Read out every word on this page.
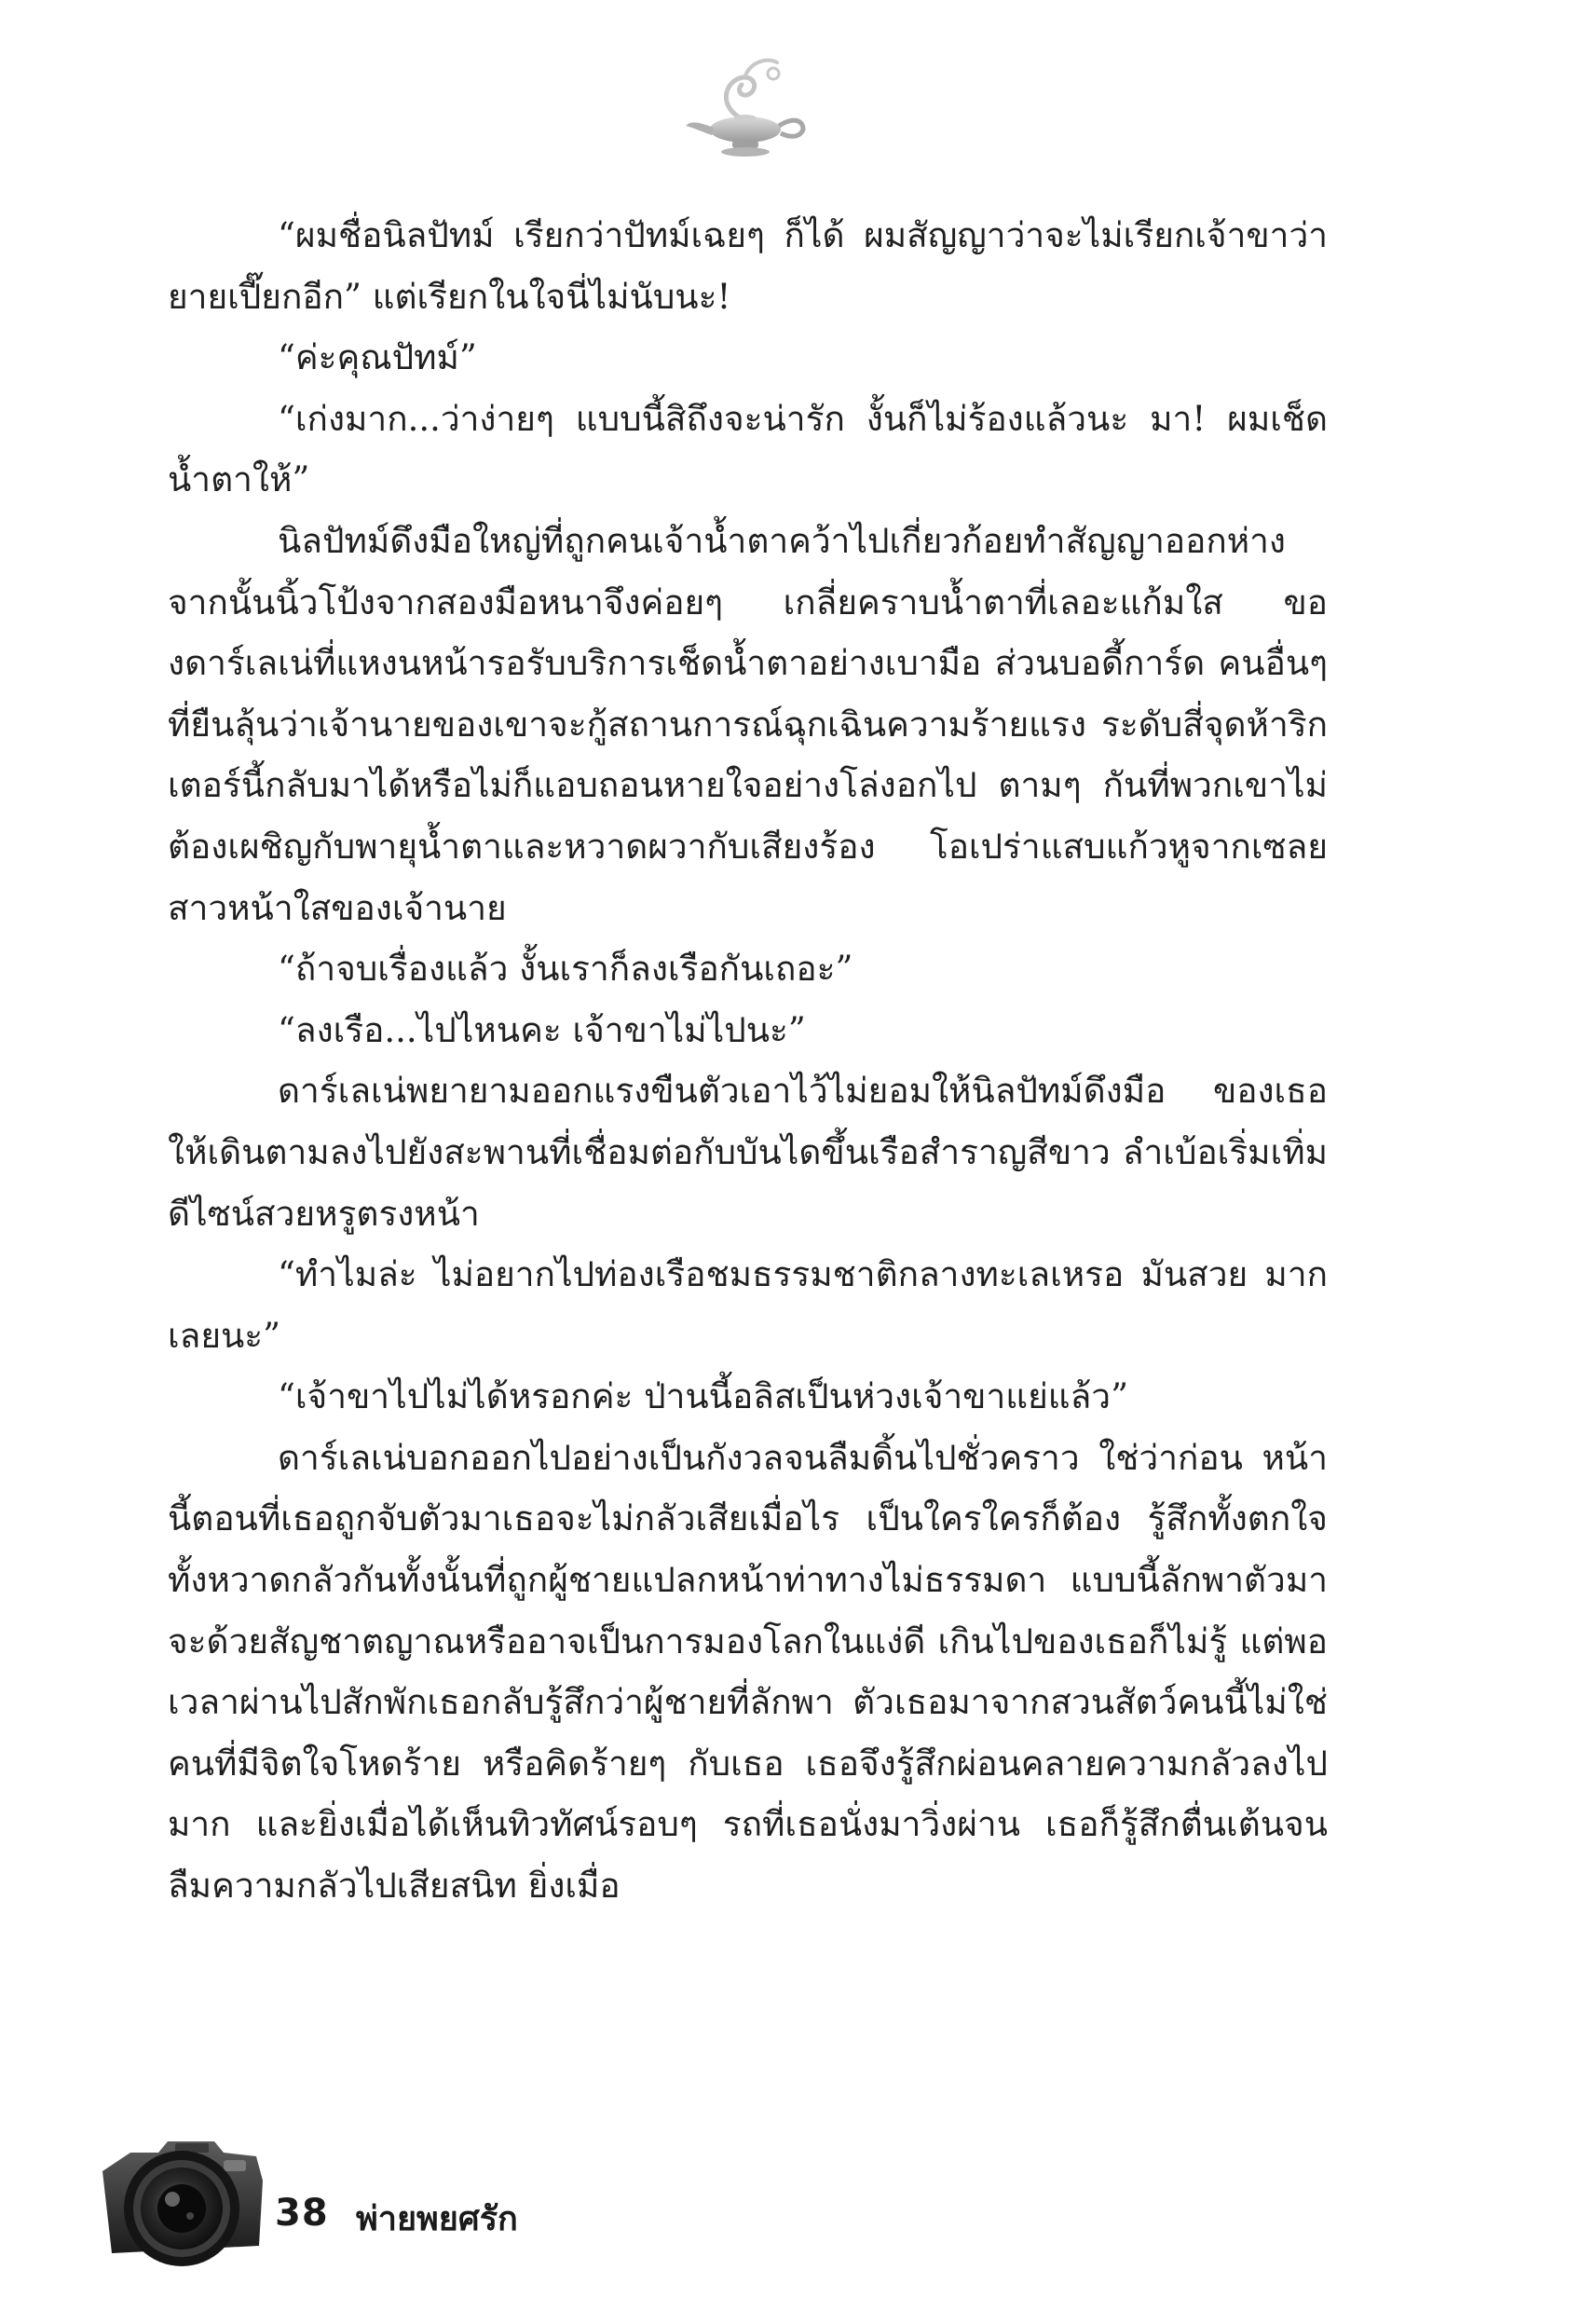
“ผมชื่อนิลปัทม์ เรียกว่าปัทม์เฉยๆ ก็ได้ ผมสัญญาว่าจะไม่เรียกเจ้าขาว่ายายเปี๊ยกอีก” แต่เรียกในใจนี่ไม่นับนะ!

“ค่ะคุณปัทม์”

“เก่งมาก...ว่าง่ายๆ แบบนี้สิถึงจะน่ารัก งั้นก็ไม่ร้องแล้วนะ มา! ผมเช็ดน้ำตาให้”

นิลปัทม์ดึงมือใหญ่ที่ถูกคนเจ้าน้ำตาคว้าไปเกี่ยวก้อยทำสัญญาออกห่าง จากนั้นนิ้วโป้งจากสองมือหนาจึงค่อยๆ เกลี่ยคราบน้ำตาที่เลอะแก้มใส ของดาร์เลเน่ที่แหงนหน้ารอรับบริการเช็ดน้ำตาอย่างเบามือ ส่วนบอดี้การ์ด คนอื่นๆ ที่ยืนลุ้นว่าเจ้านายของเขาจะกู้สถานการณ์ฉุกเฉินความร้ายแรง ระดับสี่จุดห้าริกเตอร์นี้กลับมาได้หรือไม่ก็แอบถอนหายใจอย่างโล่งอกไป ตามๆ กันที่พวกเขาไม่ต้องเผชิญกับพายุน้ำตาและหวาดผวากับเสียงร้อง โอเปร่าแสบแก้วหูจากเซลยสาวหน้าใสของเจ้านาย

“ถ้าจบเรื่องแล้ว งั้นเราก็ลงเรือกันเถอะ”

“ลงเรือ...ไปไหนคะ เจ้าขาไม่ไปนะ”

ดาร์เลเน่พยายามออกแรงขืนตัวเอาไว้ไม่ยอมให้นิลปัทม์ดึงมือ ของเธอให้เดินตามลงไปยังสะพานที่เชื่อมต่อกับบันไดขึ้นเรือสำราญสีขาว ลำเบ้อเริ่มเทิ่มดีไซน์สวยหรูตรงหน้า

“ทำไมล่ะ ไม่อยากไปท่องเรือชมธรรมชาติกลางทะเลเหรอ มันสวย มากเลยนะ”

“เจ้าขาไปไม่ได้หรอกค่ะ ป่านนี้อลิสเป็นห่วงเจ้าขาแย่แล้ว”

ดาร์เลเน่บอกออกไปอย่างเป็นกังวลจนลืมดิ้นไปชั่วคราว ใช่ว่าก่อน หน้านี้ตอนที่เธอถูกจับตัวมาเธอจะไม่กลัวเสียเมื่อไร เป็นใครใครก็ต้อง รู้สึกทั้งตกใจทั้งหวาดกลัวกันทั้งนั้นที่ถูกผู้ชายแปลกหน้าท่าทางไม่ธรรมดา แบบนี้ลักพาตัวมา จะด้วยสัญชาตญาณหรืออาจเป็นการมองโลกในแง่ดี เกินไปของเธอก็ไม่รู้ แต่พอเวลาผ่านไปสักพักเธอกลับรู้สึกว่าผู้ชายที่ลักพา ตัวเธอมาจากสวนสัตว์คนนี้ไม่ใช่คนที่มีจิตใจโหดร้าย หรือคิดร้ายๆ กับเธอ เธอจึงรู้สึกผ่อนคลายความกลัวลงไปมาก และยิ่งเมื่อได้เห็นทิวทัศน์รอบๆ รถที่เธอนั่งมาวิ่งผ่าน เธอก็รู้สึกตื่นเต้นจนลืมความกลัวไปเสียสนิท ยิ่งเมื่อ

38 พ่ายพยศรัก
